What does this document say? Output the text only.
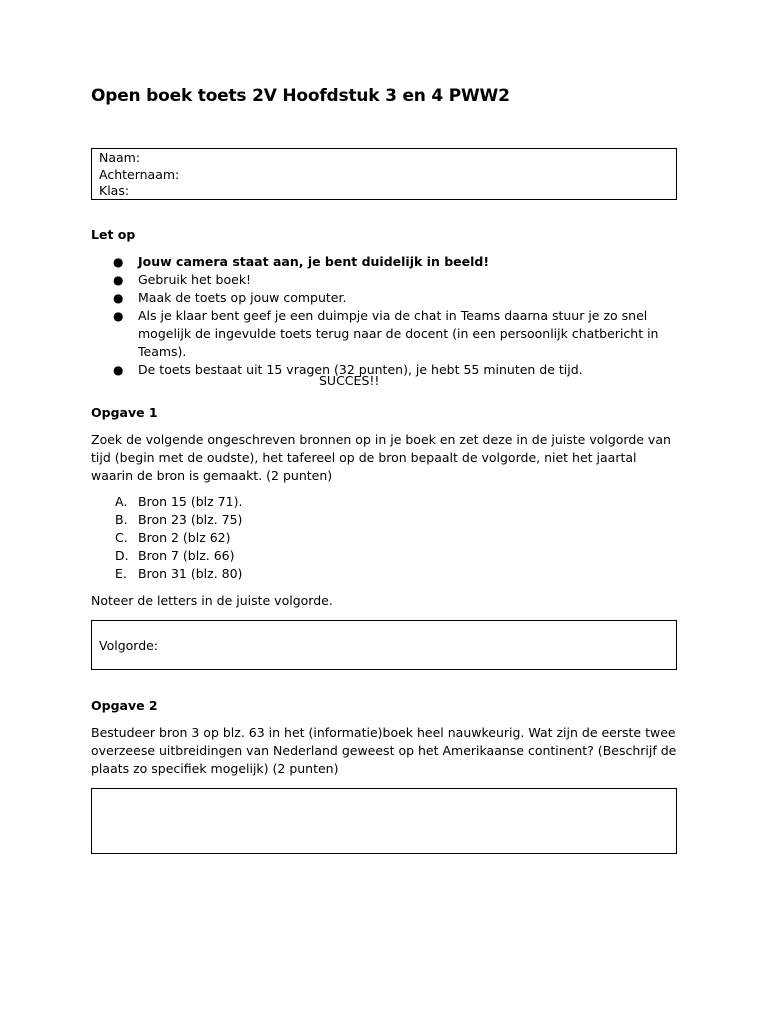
Open boek toets 2V Hoofdstuk 3 en 4 PWW2
Naam:
Achternaam:
Klas:
Let op
● Jouw camera staat aan, je bent duidelijk in beeld!
● Gebruik het boek!
● Maak de toets op jouw computer.
● Als je klaar bent geef je een duimpje via de chat in Teams daarna stuur je zo snel mogelijk de ingevulde toets terug naar de docent (in een persoonlijk chatbericht in Teams).
● De toets bestaat uit 15 vragen (32 punten), je hebt 55 minuten de tijd.
SUCCES!!
Opgave 1
Zoek de volgende ongeschreven bronnen op in je boek en zet deze in de juiste volgorde van tijd (begin met de oudste), het tafereel op de bron bepaalt de volgorde, niet het jaartal waarin de bron is gemaakt. (2 punten)
A. Bron 15 (blz 71).
B. Bron 23 (blz. 75)
C. Bron 2 (blz 62)
D. Bron 7 (blz. 66)
E. Bron 31 (blz. 80)
Noteer de letters in de juiste volgorde.
Volgorde:
Opgave 2
Bestudeer bron 3 op blz. 63 in het (informatie)boek heel nauwkeurig. Wat zijn de eerste twee overzeese uitbreidingen van Nederland geweest op het Amerikaanse continent? (Beschrijf de plaats zo specifiek mogelijk) (2 punten)
